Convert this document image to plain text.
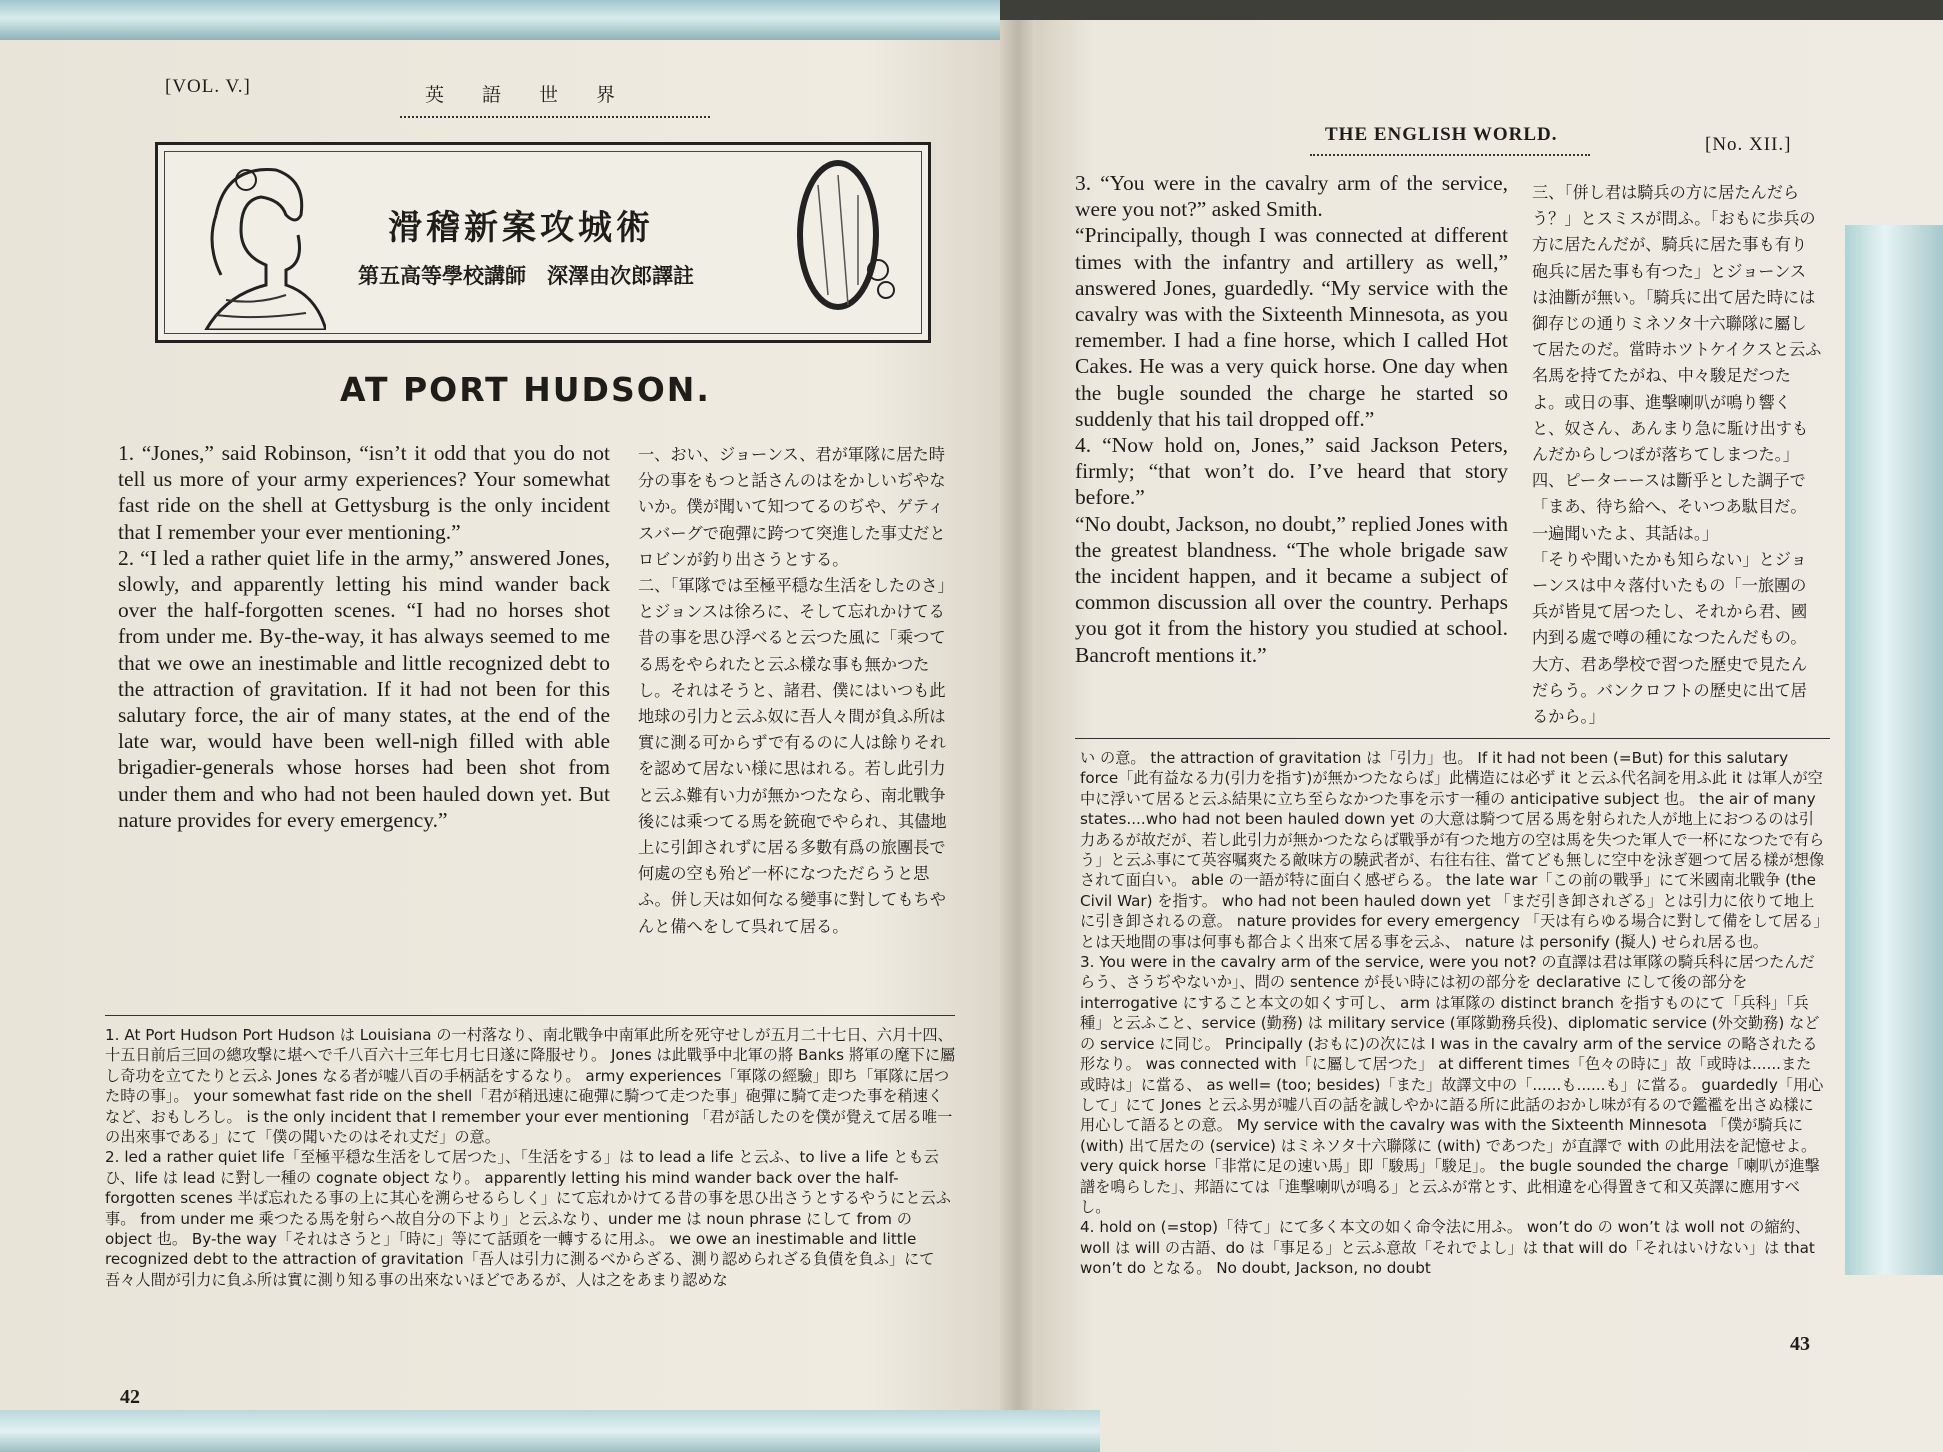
[VOL. V.]	英語世界
滑稽新案攻城術
第五高等學校講師　深澤由次郎譯註
AT PORT HUDSON.

1. “Jones,” said Robinson, “isn’t it odd that you do not tell us more of your army experiences? Your somewhat fast ride on the shell at Gettysburg is the only incident that I remember your ever mentioning.”

2. “I led a rather quiet life in the army,” answered Jones, slowly, and apparently letting his mind wander back over the half-forgotten scenes. “I had no horses shot from under me. By-the-way, it has always seemed to me that we owe an inestimable and little recognized debt to the attraction of gravitation. If it had not been for this salutary force, the air of many states, at the end of the late war, would have been well-nigh filled with able brigadier-generals whose horses had been shot from under them and who had not been hauled down yet. But nature provides for every emergency.”

一、おい、ジョーンス、君が軍隊に居た時分の事をもつと話さんのはをかしいぢやないか。僕が聞いて知つてるのぢや、ゲティスバーグで砲彈に跨つて突進した事丈だとロビンが釣り出さうとする。

二、「軍隊では至極平穏な生活をしたのさ」とジョンスは徐ろに、そして忘れかけてる昔の事を思ひ浮べると云つた風に「乘つてる馬をやられたと云ふ樣な事も無かつたし。それはそうと、諸君、僕にはいつも此地球の引力と云ふ奴に吾人々間が負ふ所は實に測る可からずで有るのに人は餘りそれを認めて居ない様に思はれる。若し此引力と云ふ難有い力が無かつたなら、南北戰争後には乘つてる馬を銃砲でやられ、其儘地上に引卸されずに居る多數有爲の旅團長で何處の空も殆ど一杯になつただらうと思ふ。併し天は如何なる變事に對してもちやんと備へをして呉れて居る。

1. At Port Hudson Port Hudson は Louisiana の一村落なり、南北戰争中南軍此所を死守せしが五月二十七日、六月十四、十五日前后三回の總攻撃に堪へで千八百六十三年七月七日遂に降服せり。 Jones は此戰爭中北軍の將 Banks 將軍の麾下に屬し奇功を立てたりと云ふ Jones なる者が嘘八百の手柄話をするなり。 army experiences「軍隊の經驗」即ち「軍隊に居つた時の事」。 your somewhat fast ride on the shell「君が稍迅速に砲彈に騎つて走つた事」砲彈に騎て走つた事を稍速くなど、おもしろし。 is the only incident that I remember your ever mentioning 「君が話したのを僕が覺えて居る唯一の出來事である」にて「僕の聞いたのはそれ丈だ」の意。

2. led a rather quiet life「至極平穏な生活をして居つた」、「生活をする」は to lead a life と云ふ、to live a life とも云ひ、life は lead に對し一種の cognate object なり。 apparently letting his mind wander back over the half-forgotten scenes 半ば忘れたる事の上に其心を溯らせるらしく」にて忘れかけてる昔の事を思ひ出さうとするやうにと云ふ事。 from under me 乘つたる馬を射らへ故自分の下より」と云ふなり、under me は noun phrase にして from の object 也。 By-the way「それはさうと」「時に」等にて話頭を一轉するに用ふ。 we owe an inestimable and little recognized debt to the attraction of gravitation「吾人は引力に測るべからざる、測り認められざる負債を負ふ」にて吾々人間が引力に負ふ所は實に測り知る事の出來ないほどであるが、人は之をあまり認めな

42
THE ENGLISH WORLD.	[No. XII.]

3. “You were in the cavalry arm of the service, were you not?” asked Smith.

“Principally, though I was connected at different times with the infantry and artillery as well,” answered Jones, guardedly. “My service with the cavalry was with the Sixteenth Minnesota, as you remember. I had a fine horse, which I called Hot Cakes. He was a very quick horse. One day when the bugle sounded the charge he started so suddenly that his tail dropped off.”

4. “Now hold on, Jones,” said Jackson Peters, firmly; “that won’t do. I’ve heard that story before.”

“No doubt, Jackson, no doubt,” replied Jones with the greatest blandness. “The whole brigade saw the incident happen, and it became a subject of common discussion all over the country. Perhaps you got it from the history you studied at school. Bancroft mentions it.”

三、「併し君は騎兵の方に居たんだらう？」とスミスが問ふ。「おもに歩兵の方に居たんだが、騎兵に居た事も有り砲兵に居た事も有つた」とジョーンスは油斷が無い。「騎兵に出て居た時には御存じの通りミネソタ十六聯隊に屬して居たのだ。當時ホツトケイクスと云ふ名馬を持てたがね、中々駿足だつたよ。或日の事、進擊喇叭が鳴り響くと、奴さん、あんまり急に駈け出すもんだからしつぽが落ちてしまつた。」

四、ピーターースは斷乎とした調子で「まあ、待ち給へ、そいつあ駄目だ。一遍聞いたよ、其話は。」

「そりや聞いたかも知らない」とジョーンスは中々落付いたもの「一旅團の兵が皆見て居つたし、それから君、國内到る處で噂の種になつたんだもの。大方、君あ學校で習つた歷史で見たんだらう。バンクロフトの歷史に出て居るから。」

い の意。 the attraction of gravitation は「引力」也。 If it had not been (=But) for this salutary force「此有益なる力(引力を指す)が無かつたならば」此構造には必ず it と云ふ代名詞を用ふ此 it は軍人が空中に浮いて居ると云ふ結果に立ち至らなかつた事を示す一種の anticipative subject 也。 the air of many states....who had not been hauled down yet の大意は騎つて居る馬を射られた人が地上におつるのは引力あるが故だが、若し此引力が無かつたならば戰爭が有つた地方の空は馬を失つた軍人で一杯になつたで有らう」と云ふ事にて英容嘱爽たる敵味方の驍武者が、右往右往、當てども無しに空中を泳ぎ廻つて居る樣が想像されて面白い。 able の一語が特に面白く感ぜらる。 the late war「この前の戰爭」にて米國南北戰争 (the Civil War) を指す。 who had not been hauled down yet 「まだ引き卸されざる」とは引力に依りて地上に引き卸されるの意。 nature provides for every emergency 「天は有らゆる場合に對して備をして居る」とは天地間の事は何事も都合よく出來て居る事を云ふ、 nature は personify (擬人) せられ居る也。

3. You were in the cavalry arm of the service, were you not? の直譯は君は軍隊の騎兵科に居つたんだらう、さうぢやないか」、問の sentence が長い時には初の部分を declarative にして後の部分を interrogative にすること本文の如くす可し、 arm は軍隊の distinct branch を指すものにて「兵科」「兵種」と云ふこと、service (勤務) は military service (軍隊勤務兵役)、diplomatic service (外交勤務) などの service に同じ。 Principally (おもに)の次には I was in the cavalry arm of the service の略されたる形なり。 was connected with「に屬して居つた」 at different times「色々の時に」故「或時は......また或時は」に當る、 as well= (too; besides)「また」故譯文中の「......も......も」に當る。 guardedly「用心して」にて Jones と云ふ男が嘘八百の話を誠しやかに語る所に此話のおかし味が有るので鑑襤を出さぬ樣に用心して語るとの意。 My service with the cavalry was with the Sixteenth Minnesota 「僕が騎兵に (with) 出て居たの (service) はミネソタ十六聯隊に (with) であつた」が直譯で with の此用法を記憶せよ。 very quick horse「非常に足の速い馬」即「駿馬」「駿足」。 the bugle sounded the charge「喇叭が進擊譜を鳴らした」、邦語にては「進擊喇叭が鳴る」と云ふが常とす、此相違を心得置きて和又英譯に應用すべし。

4. hold on (=stop)「待て」にて多く本文の如く命令法に用ふ。 won’t do の won’t は woll not の縮約、woll は will の古語、do は「事足る」と云ふ意故「それでよし」は that will do「それはいけない」は that won’t do となる。 No doubt, Jackson, no doubt

43
